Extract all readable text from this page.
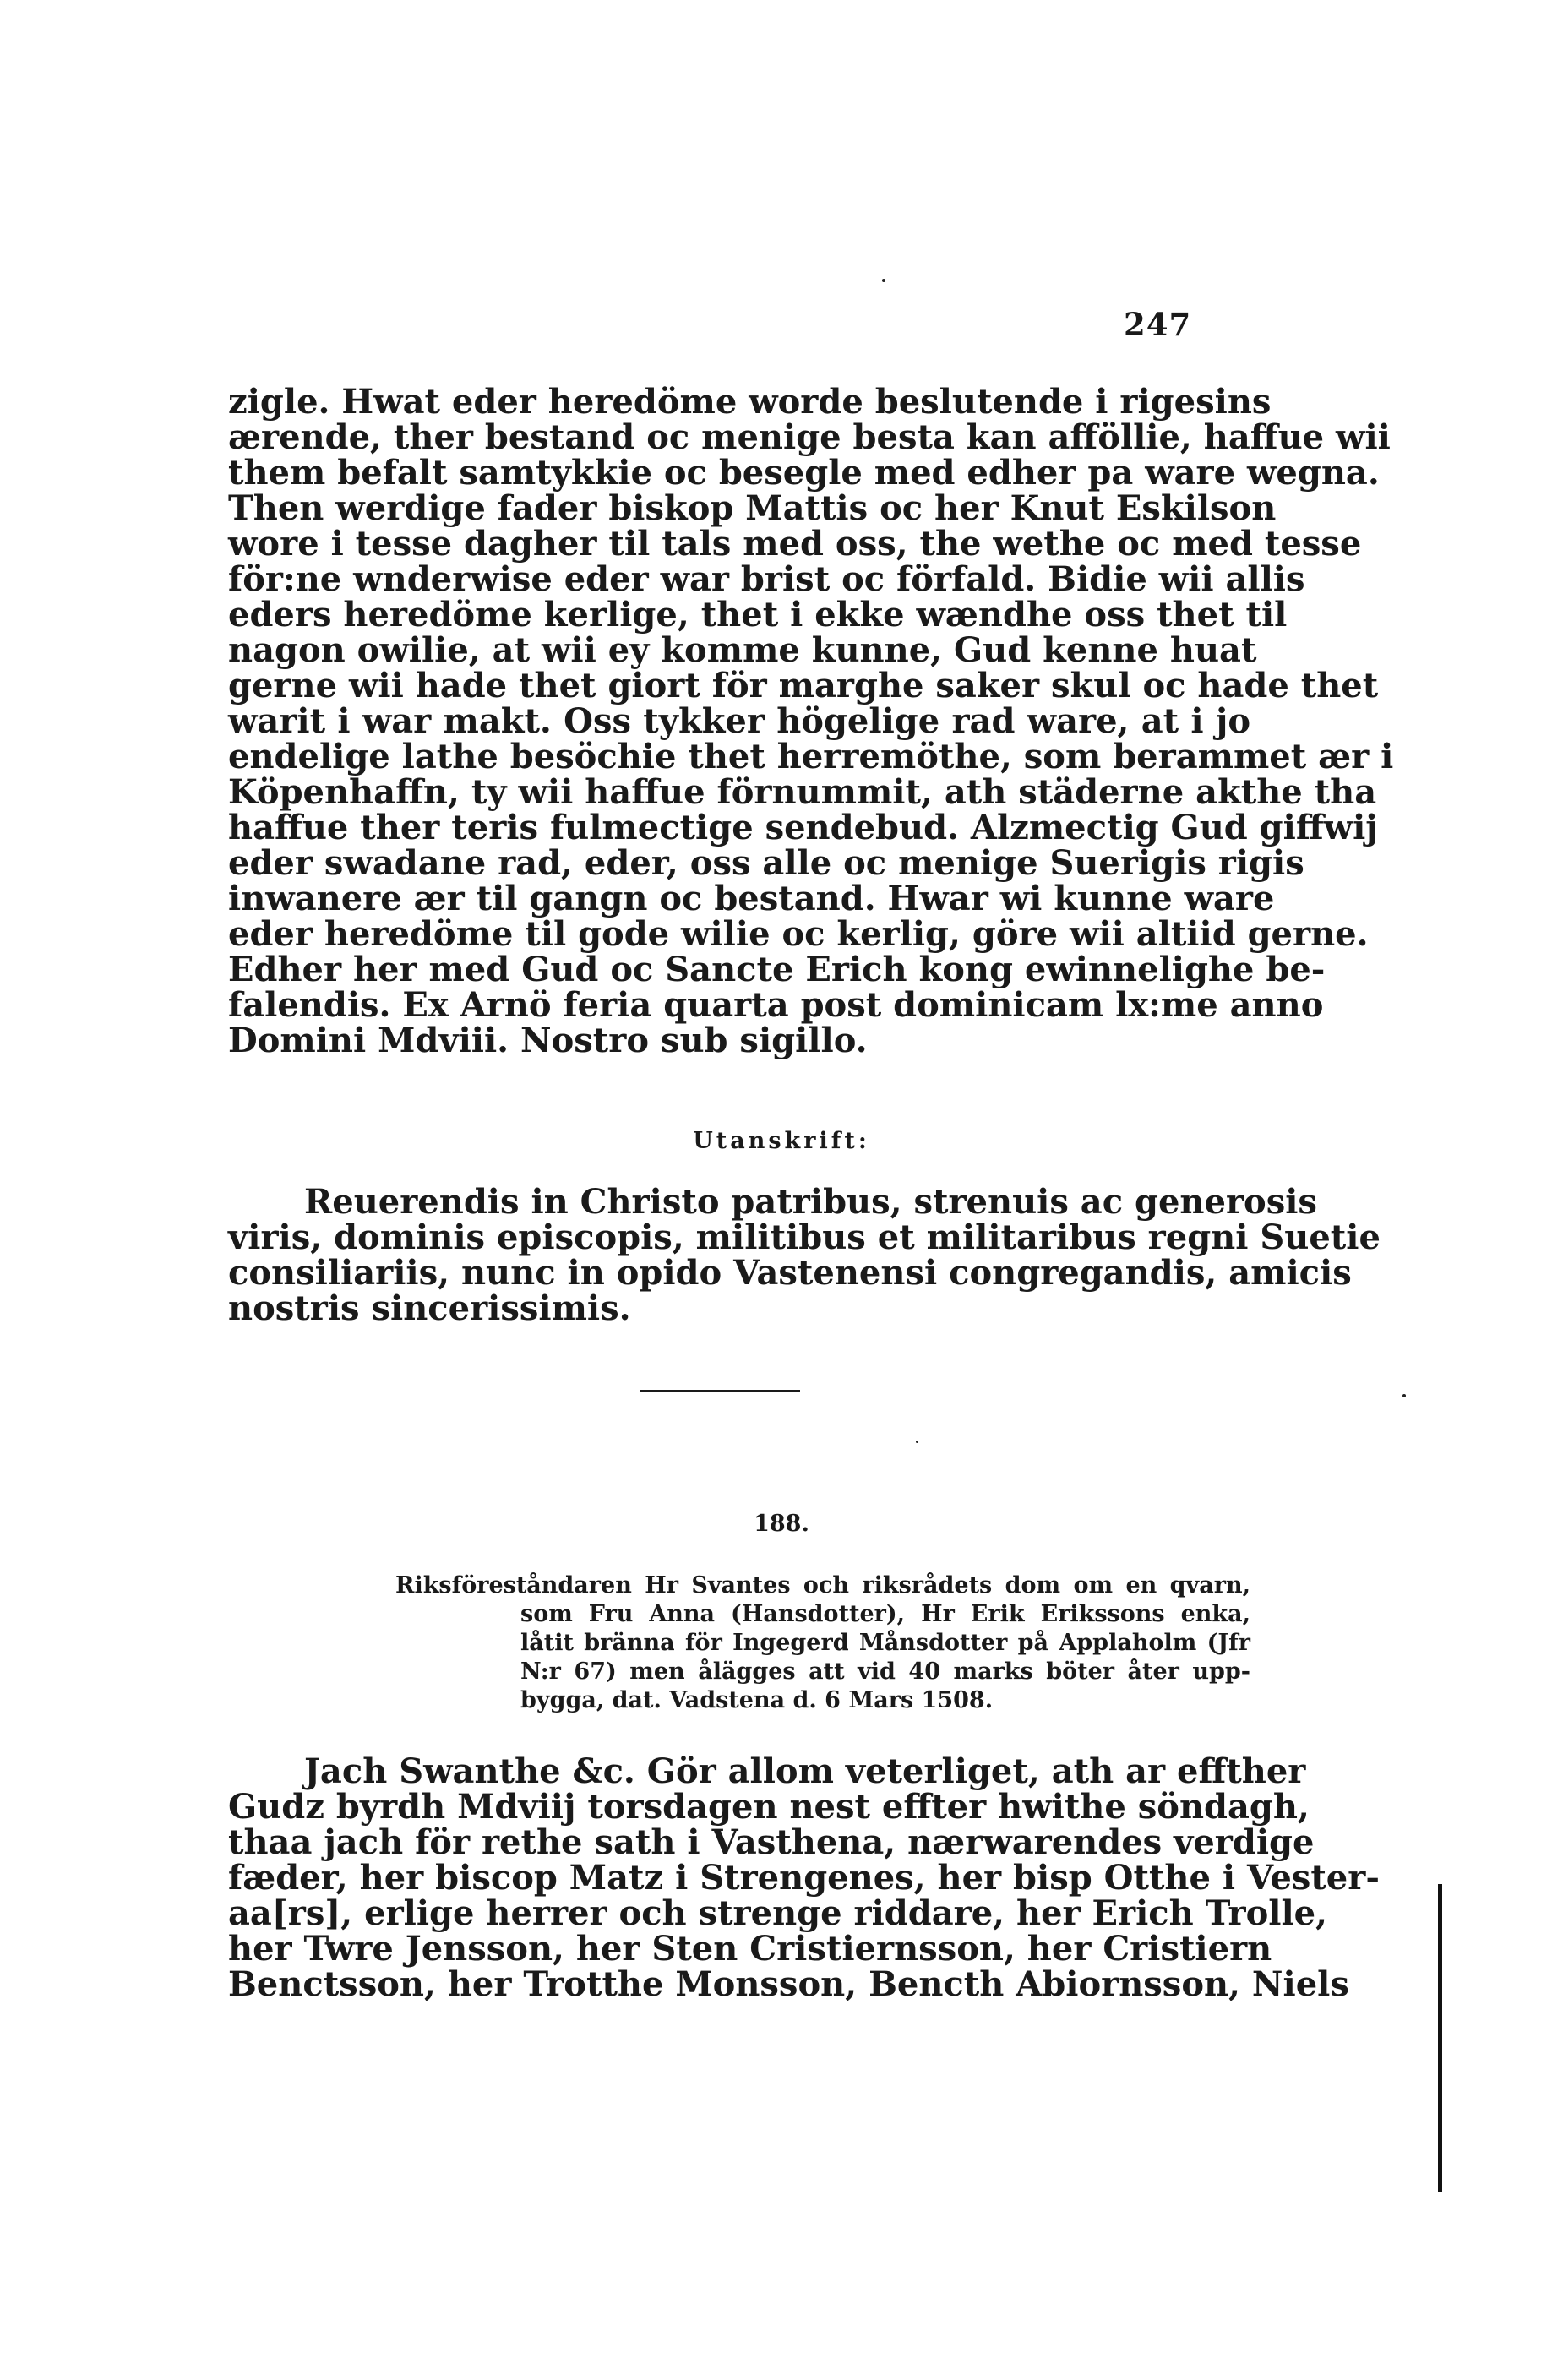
247
zigle. Hwat eder heredöme worde beslutende i rigesins
ærende, ther bestand oc menige besta kan afföllie, haffue wii
them befalt samtykkie oc besegle med edher pa ware wegna.
Then werdige fader biskop Mattis oc her Knut Eskilson
wore i tesse dagher til tals med oss, the wethe oc med tesse
för:ne wnderwise eder war brist oc förfald. Bidie wii allis
eders heredöme kerlige, thet i ekke wændhe oss thet til
nagon owilie, at wii ey komme kunne, Gud kenne huat
gerne wii hade thet giort för marghe saker skul oc hade thet
warit i war makt. Oss tykker högelige rad ware, at i jo
endelige lathe besöchie thet herremöthe, som berammet ær i
Köpenhaffn, ty wii haffue förnummit, ath städerne akthe tha
haffue ther teris fulmectige sendebud. Alzmectig Gud giffwij
eder swadane rad, eder, oss alle oc menige Suerigis rigis
inwanere ær til gangn oc bestand. Hwar wi kunne ware
eder heredöme til gode wilie oc kerlig, göre wii altiid gerne.
Edher her med Gud oc Sancte Erich kong ewinnelighe be-
falendis. Ex Arnö feria quarta post dominicam lx:me anno
Domini Mdviii. Nostro sub sigillo.
Utanskrift:
Reuerendis in Christo patribus, strenuis ac generosis
viris, dominis episcopis, militibus et militaribus regni Suetie
consiliariis, nunc in opido Vastenensi congregandis, amicis
nostris sincerissimis.
188.
Riksföreståndaren Hr Svantes och riksrådets dom om en qvarn,
som Fru Anna (Hansdotter), Hr Erik Erikssons enka,
låtit bränna för Ingegerd Månsdotter på Applaholm (Jfr
N:r 67) men ålägges att vid 40 marks böter åter upp-
bygga, dat. Vadstena d. 6 Mars 1508.
Jach Swanthe &c. Gör allom veterliget, ath ar effther
Gudz byrdh Mdviij torsdagen nest effter hwithe söndagh,
thaa jach för rethe sath i Vasthena, nærwarendes verdige
fæder, her biscop Matz i Strengenes, her bisp Otthe i Vester-
aa[rs], erlige herrer och strenge riddare, her Erich Trolle,
her Twre Jensson, her Sten Cristiernsson, her Cristiern
Benctsson, her Trotthe Monsson, Bencth Abiornsson, Niels
